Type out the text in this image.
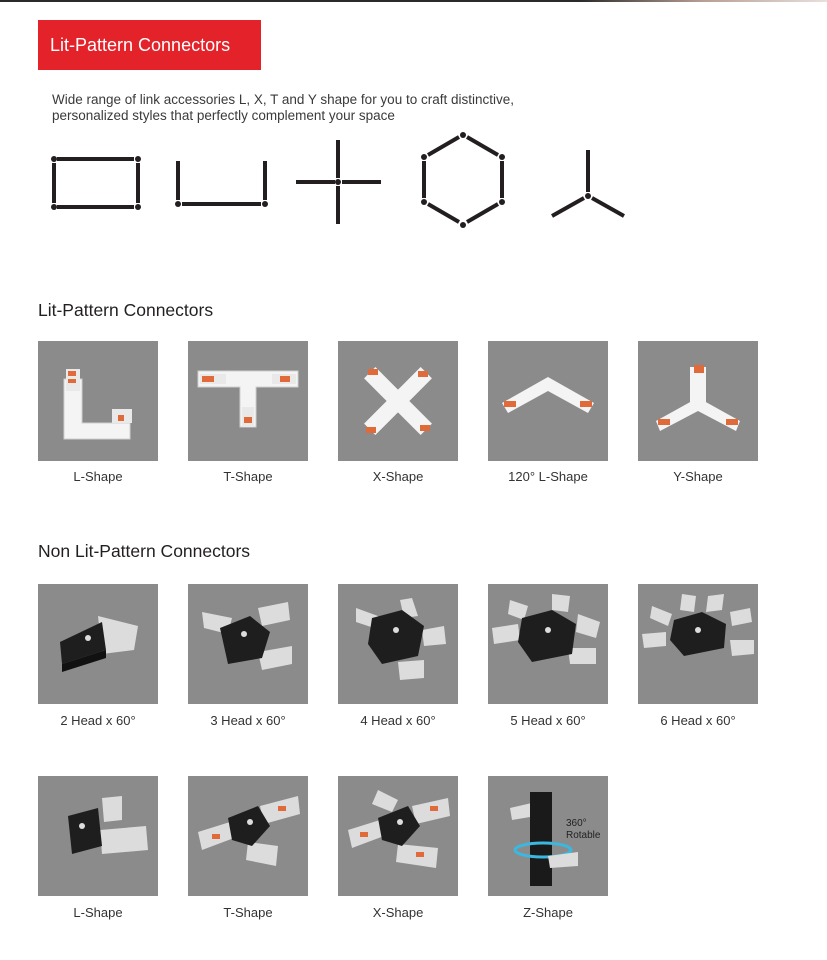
Lit-Pattern Connectors
Wide range of link accessories L, X, T and Y shape for you to craft distinctive,
personalized styles that perfectly complement your space
Lit-Pattern Connectors
L-Shape	T-Shape	X-Shape	120° L-Shape	Y-Shape
Non Lit-Pattern Connectors
2 Head x 60°	3 Head x 60°	4 Head x 60°	5 Head x 60°	6 Head x 60°
360°
Rotable
L-Shape	T-Shape	X-Shape	Z-Shape
